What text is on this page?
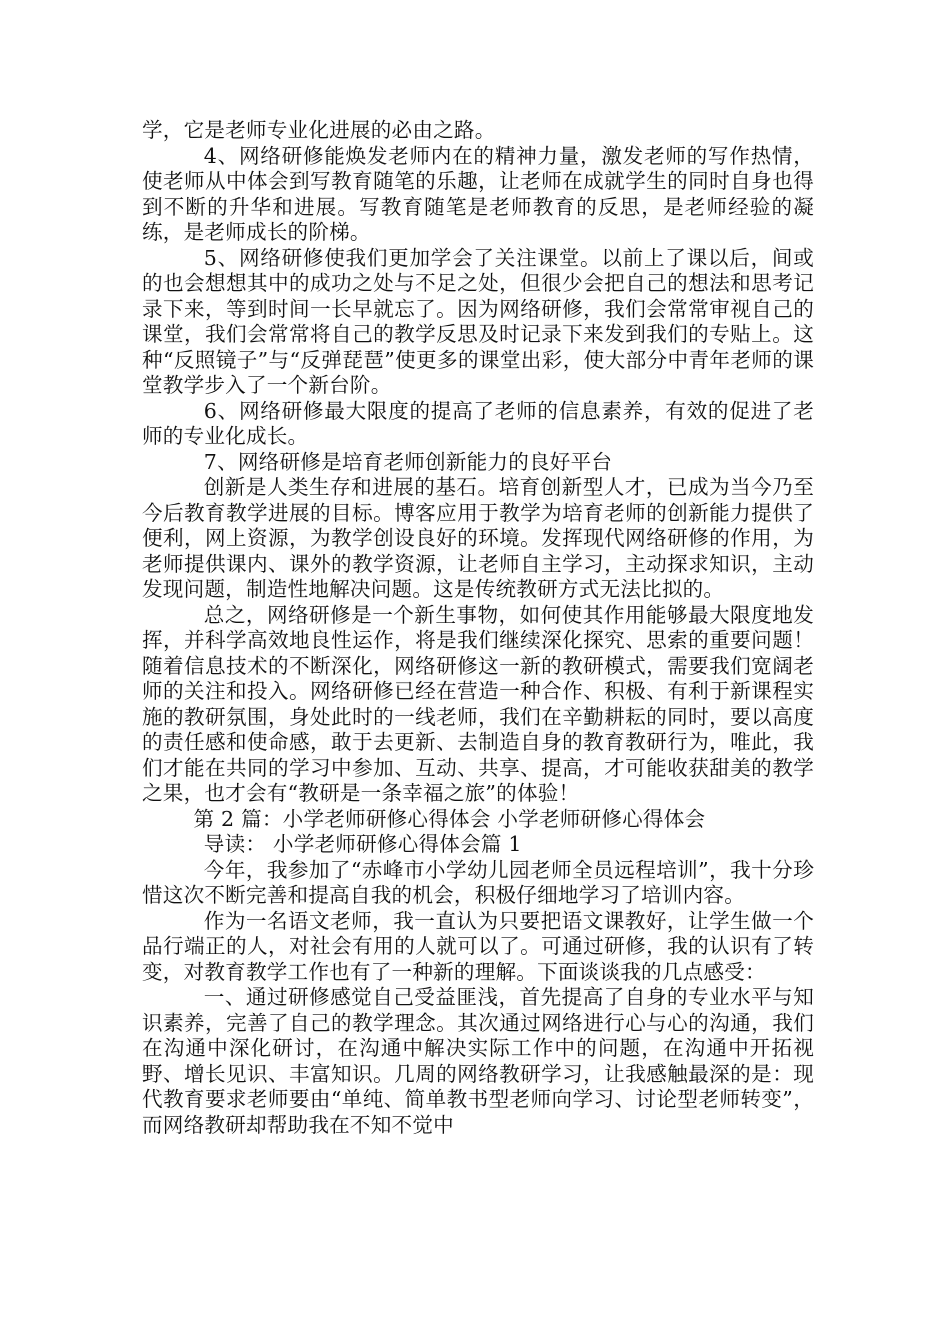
学，它是老师专业化进展的必由之路。

4、网络研修能焕发老师内在的精神力量，激发老师的写作热情，使老师从中体会到写教育随笔的乐趣，让老师在成就学生的同时自身也得到不断的升华和进展。写教育随笔是老师教育的反思，是老师经验的凝练，是老师成长的阶梯。

5、网络研修使我们更加学会了关注课堂。以前上了课以后，间或的也会想想其中的成功之处与不足之处，但很少会把自己的想法和思考记录下来，等到时间一长早就忘了。因为网络研修，我们会常常审视自己的课堂，我们会常常将自己的教学反思及时记录下来发到我们的专贴上。这种“反照镜子”与“反弹琵琶”使更多的课堂出彩，使大部分中青年老师的课堂教学步入了一个新台阶。

6、网络研修最大限度的提高了老师的信息素养，有效的促进了老师的专业化成长。

7、网络研修是培育老师创新能力的良好平台

创新是人类生存和进展的基石。培育创新型人才，已成为当今乃至今后教育教学进展的目标。博客应用于教学为培育老师的创新能力提供了便利，网上资源，为教学创设良好的环境。发挥现代网络研修的作用，为老师提供课内、课外的教学资源，让老师自主学习，主动探求知识，主动发现问题，制造性地解决问题。这是传统教研方式无法比拟的。

总之，网络研修是一个新生事物，如何使其作用能够最大限度地发挥，并科学高效地良性运作，将是我们继续深化探究、思索的重要问题！随着信息技术的不断深化，网络研修这一新的教研模式，需要我们宽阔老师的关注和投入。网络研修已经在营造一种合作、积极、有利于新课程实施的教研氛围，身处此时的一线老师，我们在辛勤耕耘的同时，要以高度的责任感和使命感，敢于去更新、去制造自身的教育教研行为，唯此，我们才能在共同的学习中参加、互动、共享、提高，才可能收获甜美的教学之果，也才会有“教研是一条幸福之旅”的体验！

第 2 篇：小学老师研修心得体会 小学老师研修心得体会

导读： 小学老师研修心得体会篇 1

今年，我参加了“赤峰市小学幼儿园老师全员远程培训”，我十分珍惜这次不断完善和提高自我的机会，积极仔细地学习了培训内容。

作为一名语文老师，我一直认为只要把语文课教好，让学生做一个品行端正的人，对社会有用的人就可以了。可通过研修，我的认识有了转变，对教育教学工作也有了一种新的理解。下面谈谈我的几点感受：

一、通过研修感觉自己受益匪浅，首先提高了自身的专业水平与知识素养，完善了自己的教学理念。其次通过网络进行心与心的沟通，我们在沟通中深化研讨，在沟通中解决实际工作中的问题，在沟通中开拓视野、增长见识、丰富知识。几周的网络教研学习，让我感触最深的是：现代教育要求老师要由“单纯、简单教书型老师向学习、讨论型老师转变”，而网络教研却帮助我在不知不觉中
